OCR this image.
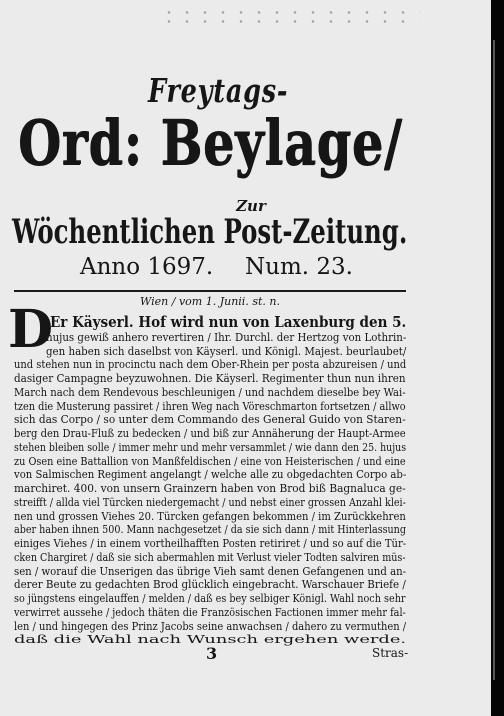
Freytags-
Ord: Beylage/
Zur
Wöchentlichen Post-Zeitung.
Anno 1697. Num. 23.
Wien / vom 1. Junii. st. n.
D
Er Käyserl. Hof wird nun von Laxenburg den 5.
hujus gewiß anhero revertiren / Ihr. Durchl. der Hertzog von Lothrin-
gen haben sich daselbst von Käyserl. und Königl. Majest. beurlaubet/
und stehen nun in procinctu nach dem Ober-Rhein per posta abzureisen / und
dasiger Campagne beyzuwohnen. Die Käyserl. Regimenter thun nun ihren
March nach dem Rendevous beschleunigen / und nachdem dieselbe bey Wai-
tzen die Musterung passiret / ihren Weg nach Vöreschmarton fortsetzen / allwo
sich das Corpo / so unter dem Commando des General Guido von Staren-
berg den Drau-Fluß zu bedecken / und biß zur Annäherung der Haupt-Armee
stehen bleiben solle / immer mehr und mehr versammlet / wie dann den 25. hujus
zu Osen eine Battallion von Manßfeldischen / eine von Heisterischen / und eine
von Salmischen Regiment angelangt / welche alle zu obgedachten Corpo ab-
marchiret. 400. von unsern Grainzern haben von Brod biß Bagnaluca ge-
streifft / allda viel Türcken niedergemacht / und nebst einer grossen Anzahl klei-
nen und grossen Viehes 20. Türcken gefangen bekommen / im Zurückkehren
aber haben ihnen 500. Mann nachgesetzet / da sie sich dann / mit Hinterlassung
einiges Viehes / in einem vortheilhafften Posten retiriret / und so auf die Tür-
cken Chargiret / daß sie sich abermahlen mit Verlust vieler Todten salviren müs-
sen / worauf die Unserigen das übrige Vieh samt denen Gefangenen und an-
derer Beute zu gedachten Brod glücklich eingebracht. Warschauer Briefe /
so jüngstens eingelauffen / melden / daß es bey selbiger Königl. Wahl noch sehr
verwirret aussehe / jedoch thäten die Französischen Factionen immer mehr fal-
len / und hingegen des Prinz Jacobs seine anwachsen / dahero zu vermuthen /
daß die Wahl nach Wunsch ergehen werde.
3	Stras-
